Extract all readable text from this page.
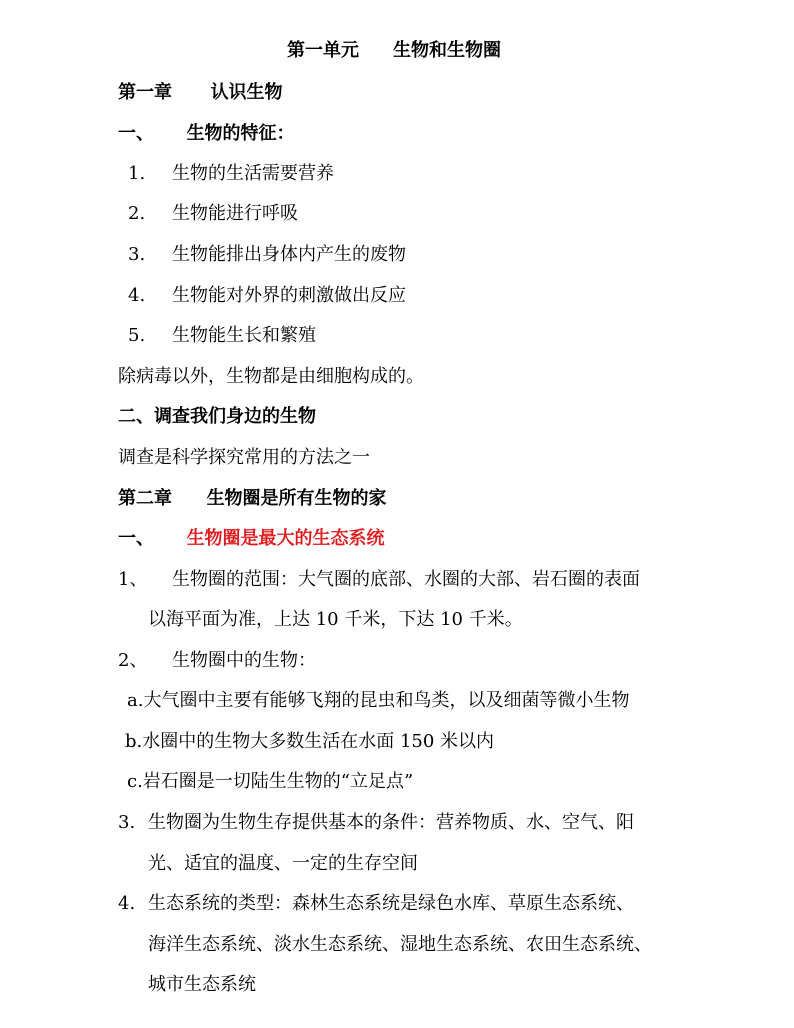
第一单元 生物和生物圈
第一章 认识生物
一、 生物的特征：
1. 生物的生活需要营养
2. 生物能进行呼吸
3. 生物能排出身体内产生的废物
4. 生物能对外界的刺激做出反应
5. 生物能生长和繁殖
除病毒以外，生物都是由细胞构成的。
二、调查我们身边的生物
调查是科学探究常用的方法之一
第二章 生物圈是所有生物的家
一、 生物圈是最大的生态系统
1、 生物圈的范围：大气圈的底部、水圈的大部、岩石圈的表面
以海平面为准，上达 10 千米，下达 10 千米。
2、 生物圈中的生物：
a.大气圈中主要有能够飞翔的昆虫和鸟类，以及细菌等微小生物
b.水圈中的生物大多数生活在水面 150 米以内
c.岩石圈是一切陆生生物的“立足点”
3. 生物圈为生物生存提供基本的条件：营养物质、水、空气、阳
光、适宜的温度、一定的生存空间
4. 生态系统的类型：森林生态系统是绿色水库、草原生态系统、
海洋生态系统、淡水生态系统、湿地生态系统、农田生态系统、
城市生态系统
